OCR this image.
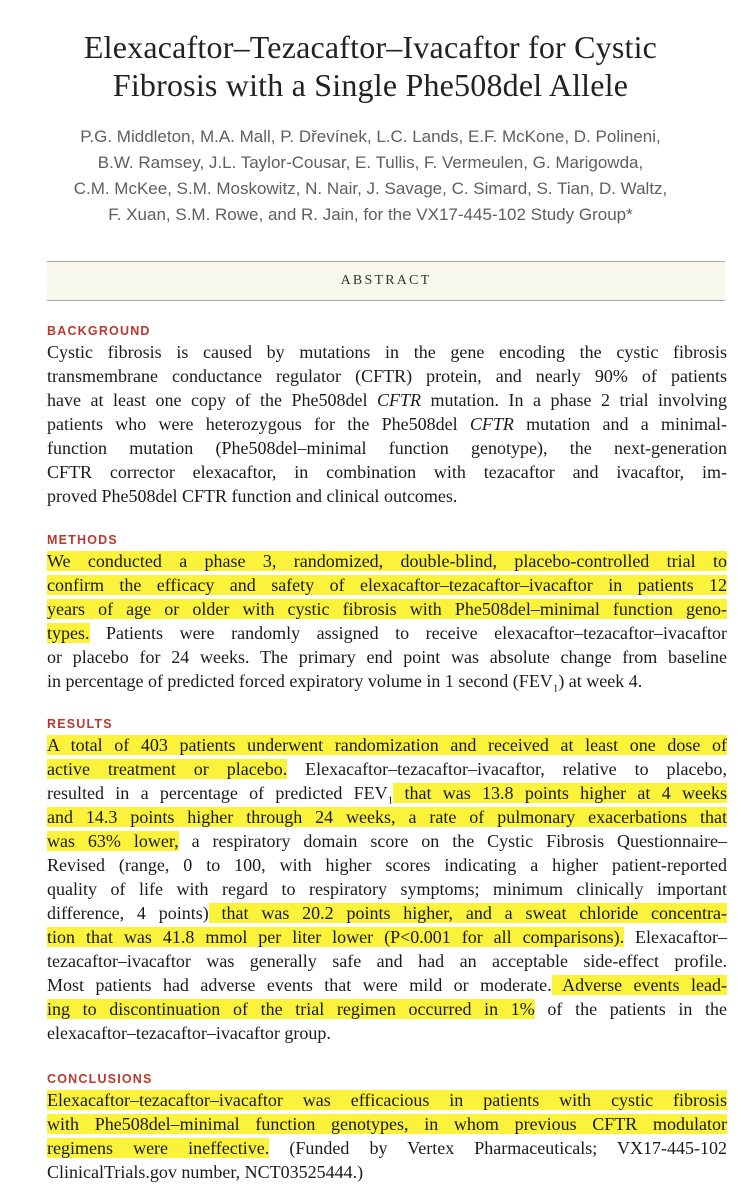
Elexacaftor–Tezacaftor–Ivacaftor for Cystic
Fibrosis with a Single Phe508del Allele
P.G. Middleton, M.A. Mall, P. Dřevínek, L.C. Lands, E.F. McKone, D. Polineni,
B.W. Ramsey, J.L. Taylor-Cousar, E. Tullis, F. Vermeulen, G. Marigowda,
C.M. McKee, S.M. Moskowitz, N. Nair, J. Savage, C. Simard, S. Tian, D. Waltz,
F. Xuan, S.M. Rowe, and R. Jain, for the VX17-445-102 Study Group*
ABSTRACT
BACKGROUND
Cystic fibrosis is caused by mutations in the gene encoding the cystic fibrosis
transmembrane conductance regulator (CFTR) protein, and nearly 90% of patients
have at least one copy of the Phe508del CFTR mutation. In a phase 2 trial involving
patients who were heterozygous for the Phe508del CFTR mutation and a minimal-
function mutation (Phe508del–minimal function genotype), the next-generation
CFTR corrector elexacaftor, in combination with tezacaftor and ivacaftor, im-
proved Phe508del CFTR function and clinical outcomes.
METHODS
We conducted a phase 3, randomized, double-blind, placebo-controlled trial to
confirm the efficacy and safety of elexacaftor–tezacaftor–ivacaftor in patients 12
years of age or older with cystic fibrosis with Phe508del–minimal function geno-
types. Patients were randomly assigned to receive elexacaftor–tezacaftor–ivacaftor
or placebo for 24 weeks. The primary end point was absolute change from baseline
in percentage of predicted forced expiratory volume in 1 second $(FEV_1)$ at week 4.
RESULTS
A total of 403 patients underwent randomization and received at least one dose of
active treatment or placebo. Elexacaftor–tezacaftor–ivacaftor, relative to placebo,
resulted in a percentage of predicted $FEV_1$ that was 13.8 points higher at 4 weeks
and 14.3 points higher through 24 weeks, a rate of pulmonary exacerbations that
was 63% lower, a respiratory domain score on the Cystic Fibrosis Questionnaire–
Revised (range, 0 to 100, with higher scores indicating a higher patient-reported
quality of life with regard to respiratory symptoms; minimum clinically important
difference, 4 points) that was 20.2 points higher, and a sweat chloride concentra-
tion that was 41.8 mmol per liter lower (P<0.001 for all comparisons). Elexacaftor–
tezacaftor–ivacaftor was generally safe and had an acceptable side-effect profile.
Most patients had adverse events that were mild or moderate. Adverse events lead-
ing to discontinuation of the trial regimen occurred in 1% of the patients in the
elexacaftor–tezacaftor–ivacaftor group.
CONCLUSIONS
Elexacaftor–tezacaftor–ivacaftor was efficacious in patients with cystic fibrosis
with Phe508del–minimal function genotypes, in whom previous CFTR modulator
regimens were ineffective. (Funded by Vertex Pharmaceuticals; VX17-445-102
ClinicalTrials.gov number, NCT03525444.)
